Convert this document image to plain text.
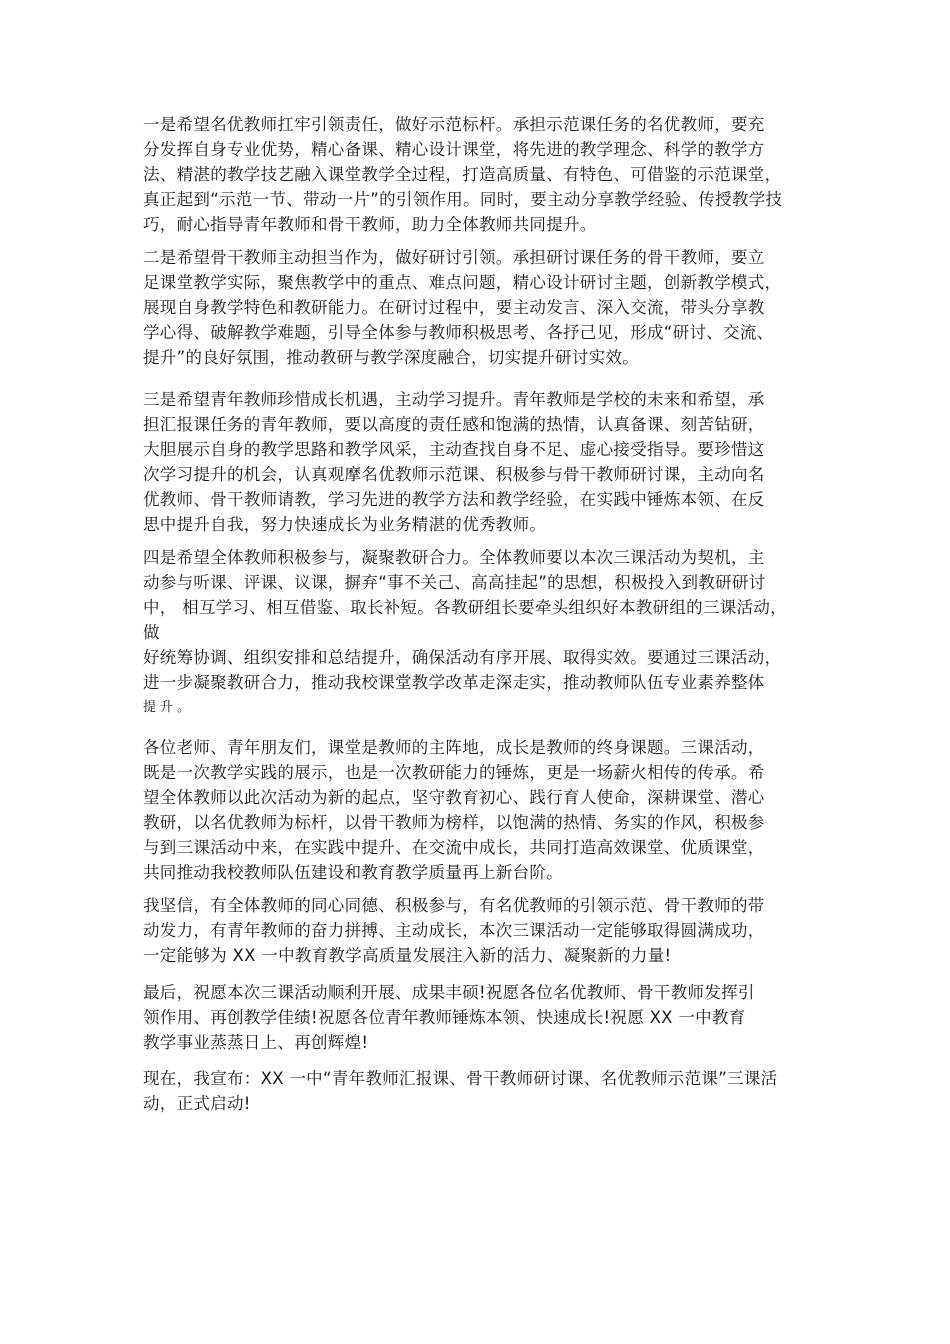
一是希望名优教师扛牢引领责任，做好示范标杆。承担示范课任务的名优教师，要充
分发挥自身专业优势，精心备课、精心设计课堂，将先进的教学理念、科学的教学方
法、精湛的教学技艺融入课堂教学全过程，打造高质量、有特色、可借鉴的示范课堂，
真正起到“示范一节、带动一片”的引领作用。同时，要主动分享教学经验、传授教学技
巧，耐心指导青年教师和骨干教师，助力全体教师共同提升。
二是希望骨干教师主动担当作为，做好研讨引领。承担研讨课任务的骨干教师，要立
足课堂教学实际，聚焦教学中的重点、难点问题，精心设计研讨主题，创新教学模式，
展现自身教学特色和教研能力。在研讨过程中，要主动发言、深入交流，带头分享教
学心得、破解教学难题，引导全体参与教师积极思考、各抒己见，形成“研讨、交流、
提升”的良好氛围，推动教研与教学深度融合，切实提升研讨实效。
三是希望青年教师珍惜成长机遇，主动学习提升。青年教师是学校的未来和希望，承
担汇报课任务的青年教师，要以高度的责任感和饱满的热情，认真备课、刻苦钻研，
大胆展示自身的教学思路和教学风采，主动查找自身不足、虚心接受指导。要珍惜这
次学习提升的机会，认真观摩名优教师示范课、积极参与骨干教师研讨课，主动向名
优教师、骨干教师请教，学习先进的教学方法和教学经验，在实践中锤炼本领、在反
思中提升自我，努力快速成长为业务精湛的优秀教师。
四是希望全体教师积极参与，凝聚教研合力。全体教师要以本次三课活动为契机，主
动参与听课、评课、议课，摒弃“事不关己、高高挂起”的思想，积极投入到教研研讨
中， 相互学习、相互借鉴、取长补短。各教研组长要牵头组织好本教研组的三课活动，
做
好统筹协调、组织安排和总结提升，确保活动有序开展、取得实效。要通过三课活动，
进一步凝聚教研合力，推动我校课堂教学改革走深走实，推动教师队伍专业素养整体
提升。
各位老师、青年朋友们，课堂是教师的主阵地，成长是教师的终身课题。三课活动，
既是一次教学实践的展示，也是一次教研能力的锤炼，更是一场薪火相传的传承。希
望全体教师以此次活动为新的起点，坚守教育初心、践行育人使命，深耕课堂、潜心
教研，以名优教师为标杆，以骨干教师为榜样，以饱满的热情、务实的作风，积极参
与到三课活动中来，在实践中提升、在交流中成长，共同打造高效课堂、优质课堂，
共同推动我校教师队伍建设和教育教学质量再上新台阶。
我坚信，有全体教师的同心同德、积极参与，有名优教师的引领示范、骨干教师的带
动发力，有青年教师的奋力拼搏、主动成长，本次三课活动一定能够取得圆满成功，
一定能够为 XX 一中教育教学高质量发展注入新的活力、凝聚新的力量!
最后，祝愿本次三课活动顺利开展、成果丰硕!祝愿各位名优教师、骨干教师发挥引
领作用、再创教学佳绩!祝愿各位青年教师锤炼本领、快速成长!祝愿 XX 一中教育
教学事业蒸蒸日上、再创辉煌!
现在，我宣布：XX 一中“青年教师汇报课、骨干教师研讨课、名优教师示范课”三课活
动，正式启动!
